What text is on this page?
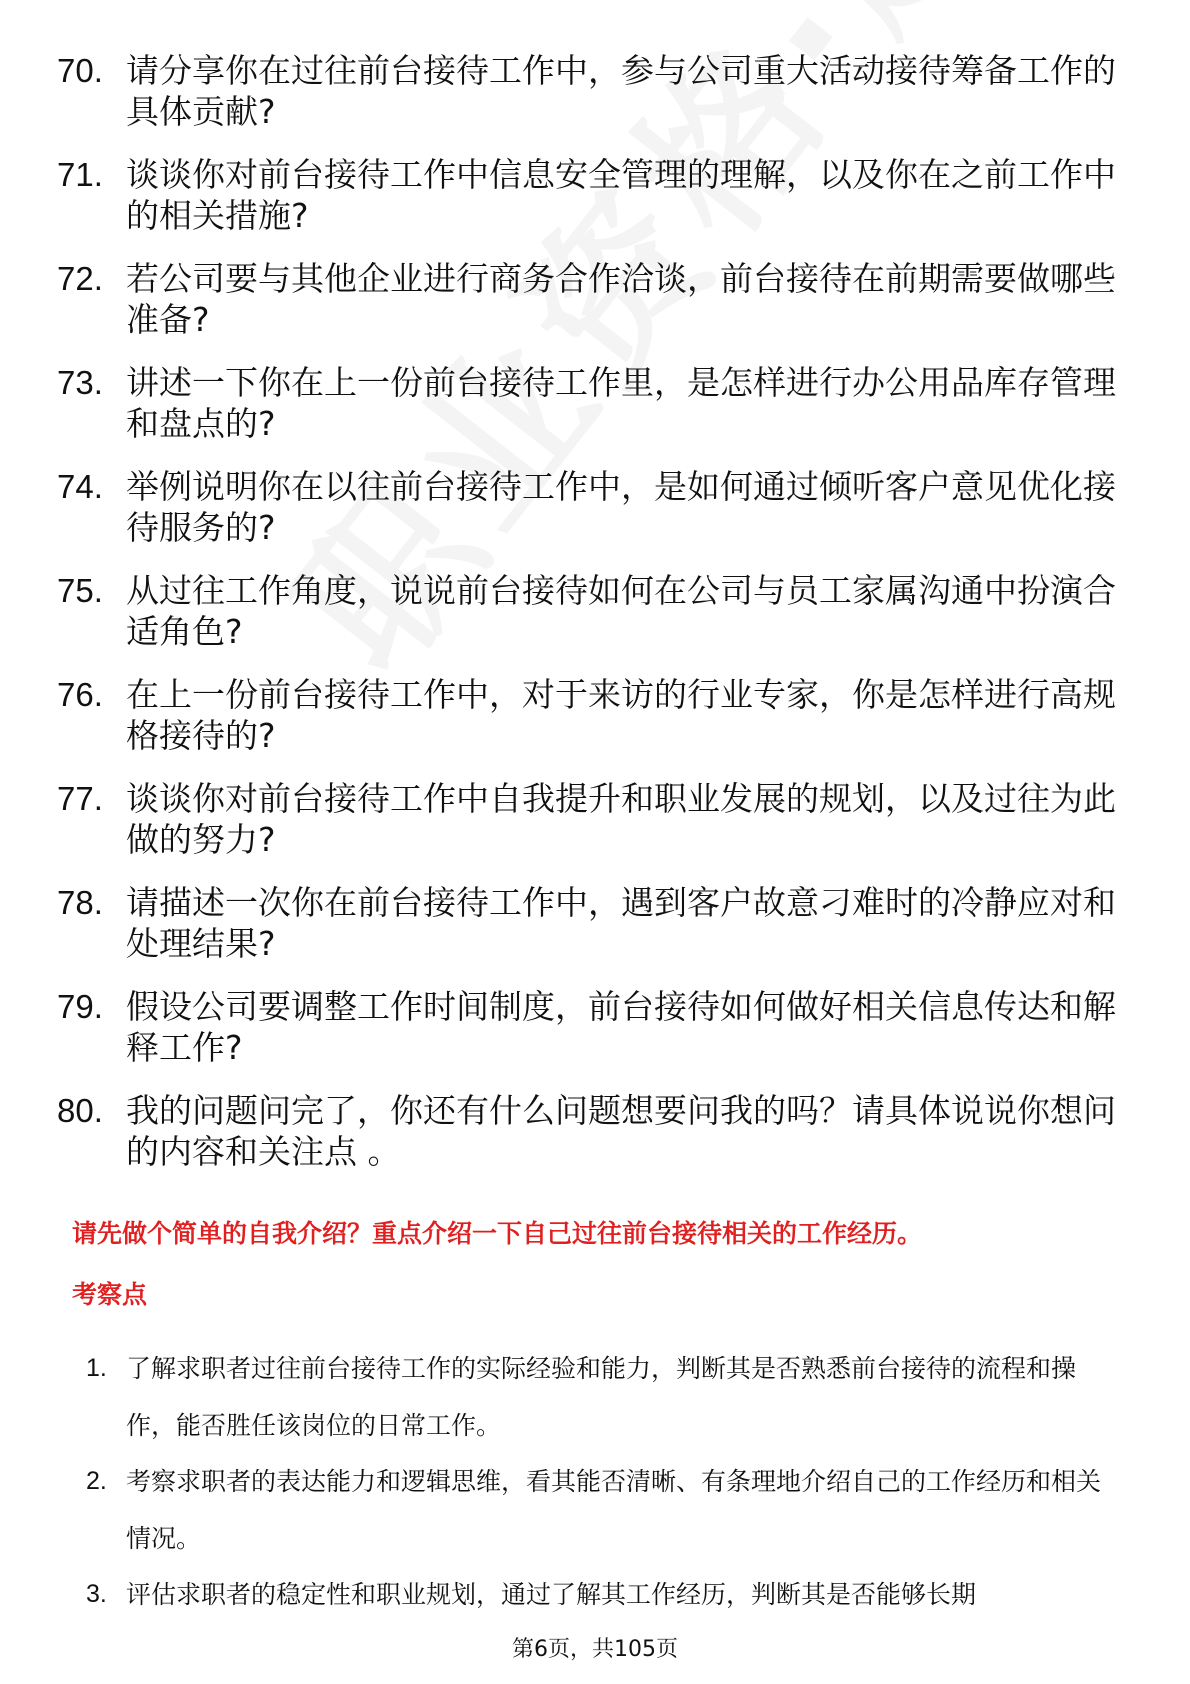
70. 请分享你在过往前台接待工作中，参与公司重大活动接待筹备工作的具体贡献?
71. 谈谈你对前台接待工作中信息安全管理的理解，以及你在之前工作中的相关措施?
72. 若公司要与其他企业进行商务合作洽谈，前台接待在前期需要做哪些准备?
73. 讲述一下你在上一份前台接待工作里，是怎样进行办公用品库存管理和盘点的?
74. 举例说明你在以往前台接待工作中，是如何通过倾听客户意见优化接待服务的?
75. 从过往工作角度，说说前台接待如何在公司与员工家属沟通中扮演合适角色?
76. 在上一份前台接待工作中，对于来访的行业专家，你是怎样进行高规格接待的?
77. 谈谈你对前台接待工作中自我提升和职业发展的规划，以及过往为此做的努力?
78. 请描述一次你在前台接待工作中，遇到客户故意刁难时的冷静应对和处理结果?
79. 假设公司要调整工作时间制度，前台接待如何做好相关信息传达和解释工作?
80. 我的问题问完了，你还有什么问题想要问我的吗？请具体说说你想问的内容和关注点 。
请先做个简单的自我介绍？重点介绍一下自己过往前台接待相关的工作经历。
考察点
1. 了解求职者过往前台接待工作的实际经验和能力，判断其是否熟悉前台接待的流程和操作，能否胜任该岗位的日常工作。
2. 考察求职者的表达能力和逻辑思维，看其能否清晰、有条理地介绍自己的工作经历和相关情况。
3. 评估求职者的稳定性和职业规划，通过了解其工作经历，判断其是否能够长期
第6页，共105页
